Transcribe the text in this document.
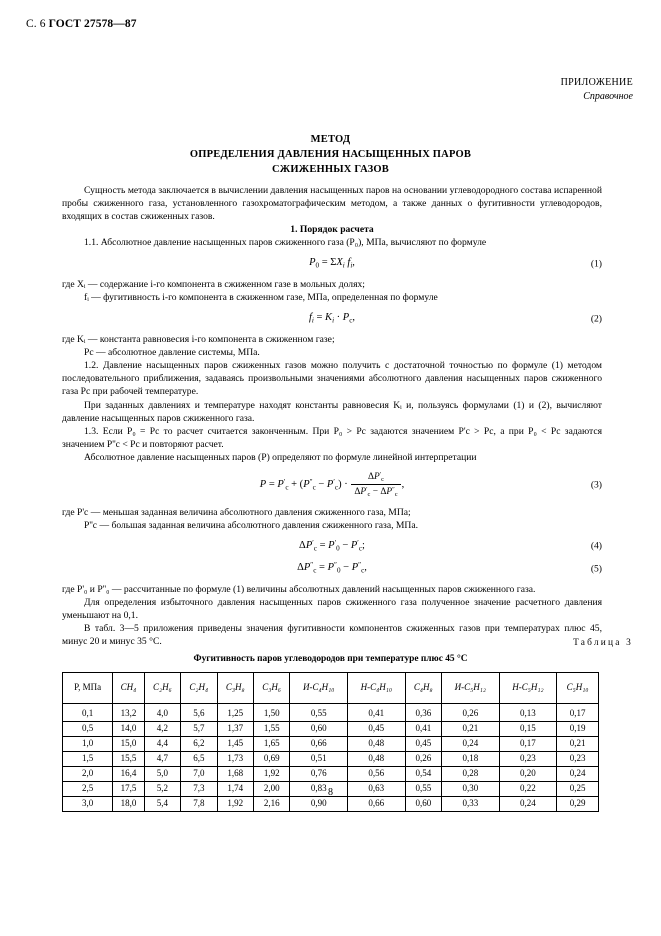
С. 6 ГОСТ 27578—87
ПРИЛОЖЕНИЕ
Справочное
МЕТОД
ОПРЕДЕЛЕНИЯ ДАВЛЕНИЯ НАСЫЩЕННЫХ ПАРОВ
СЖИЖЕННЫХ ГАЗОВ

Сущность метода заключается в вычислении давления насыщенных паров на основании углеводородного состава испаренной пробы сжиженного газа, установленного газохроматографическим методом, а также данных о фугитивности углеводородов, входящих в состав сжиженных газов.

1. Порядок расчета

1.1. Абсолютное давление насыщенных паров сжиженного газа (P₀), МПа, вычисляют по формуле

$P_0 = \Sigma X_i$ $f_i$,	(1)

где Xᵢ — содержание i-го компонента в сжиженном газе в мольных долях;

fᵢ — фугитивность i-го компонента в сжиженном газе, МПа, определенная по формуле

$f_i = K_i \cdot P_с$,	(2)

где Kᵢ — константа равновесия i-го компонента в сжиженном газе;

Pс — абсолютное давление системы, МПа.

1.2. Давление насыщенных паров сжиженных газов можно получить с достаточной точностью по формуле (1) методом последовательного приближения, задаваясь произвольными значениями абсолютного давления насыщенных паров сжиженного газа Pс при рабочей температуре.

При заданных давлениях и температуре находят константы равновесия Kᵢ и, пользуясь формулами (1) и (2), вычисляют давление насыщенных паров сжиженного газа.

1.3. Если P₀ = Pс то расчет считается законченным. При P₀ > Pс задаются значением P'с > Pс, а при P₀ < Pс задаются значением P''с < Pс и повторяют расчет.

Абсолютное давление насыщенных паров (P) определяют по формуле линейной интерпретации

$P = P'_с + (P''_с - P'_с) \cdot \frac{\Delta P'_с}{\Delta P'_с - \Delta P''_с}$ ,	(3)

где P'с — меньшая заданная величина абсолютного давления сжиженного газа, МПа;

P''с — большая заданная величина абсолютного давления сжиженного газа, МПа.

$\Delta P'_с = P'_0 - P'_с$;	(4)
$\Delta P''_с = P''_0 - P''_с$,	(5)

где P'₀ и P''₀ — рассчитанные по формуле (1) величины абсолютных давлений насыщенных паров сжиженного газа.

Для определения избыточного давления насыщенных паров сжиженного газа полученное значение расчетного давления уменьшают на 0,1.

В табл. 3—5 приложения приведены значения фугитивности компонентов сжиженных газов при температурах плюс 45, минус 20 и минус 35 °С.	Таблица 3
Фугитивность паров углеводородов при температуре плюс 45 °С
P, МПа	CH₄	C₂H₆	C₂H₄	C₃H₈	C₃H₆	И-C₄H₁₀	Н-C₄H₁₀	C₄H₈	И-C₅H₁₂	Н-C₅H₁₂	C₅H₁₀
0,1	13,2	4,0	5,6	1,25	1,50	0,55	0,41	0,36	0,26	0,13	0,17
0,5	14,0	4,2	5,7	1,37	1,55	0,60	0,45	0,41	0,21	0,15	0,19
1,0	15,0	4,4	6,2	1,45	1,65	0,66	0,48	0,45	0,24	0,17	0,21
1,5	15,5	4,7	6,5	1,73	0,69	0,51	0,48	0,26	0,18	0,23	0,23
2,0	16,4	5,0	7,0	1,68	1,92	0,76	0,56	0,54	0,28	0,20	0,24
2,5	17,5	5,2	7,3	1,74	2,00	0,83	0,63	0,55	0,30	0,22	0,25
3,0	18,0	5,4	7,8	1,92	2,16	0,90	0,66	0,60	0,33	0,24	0,29
8
